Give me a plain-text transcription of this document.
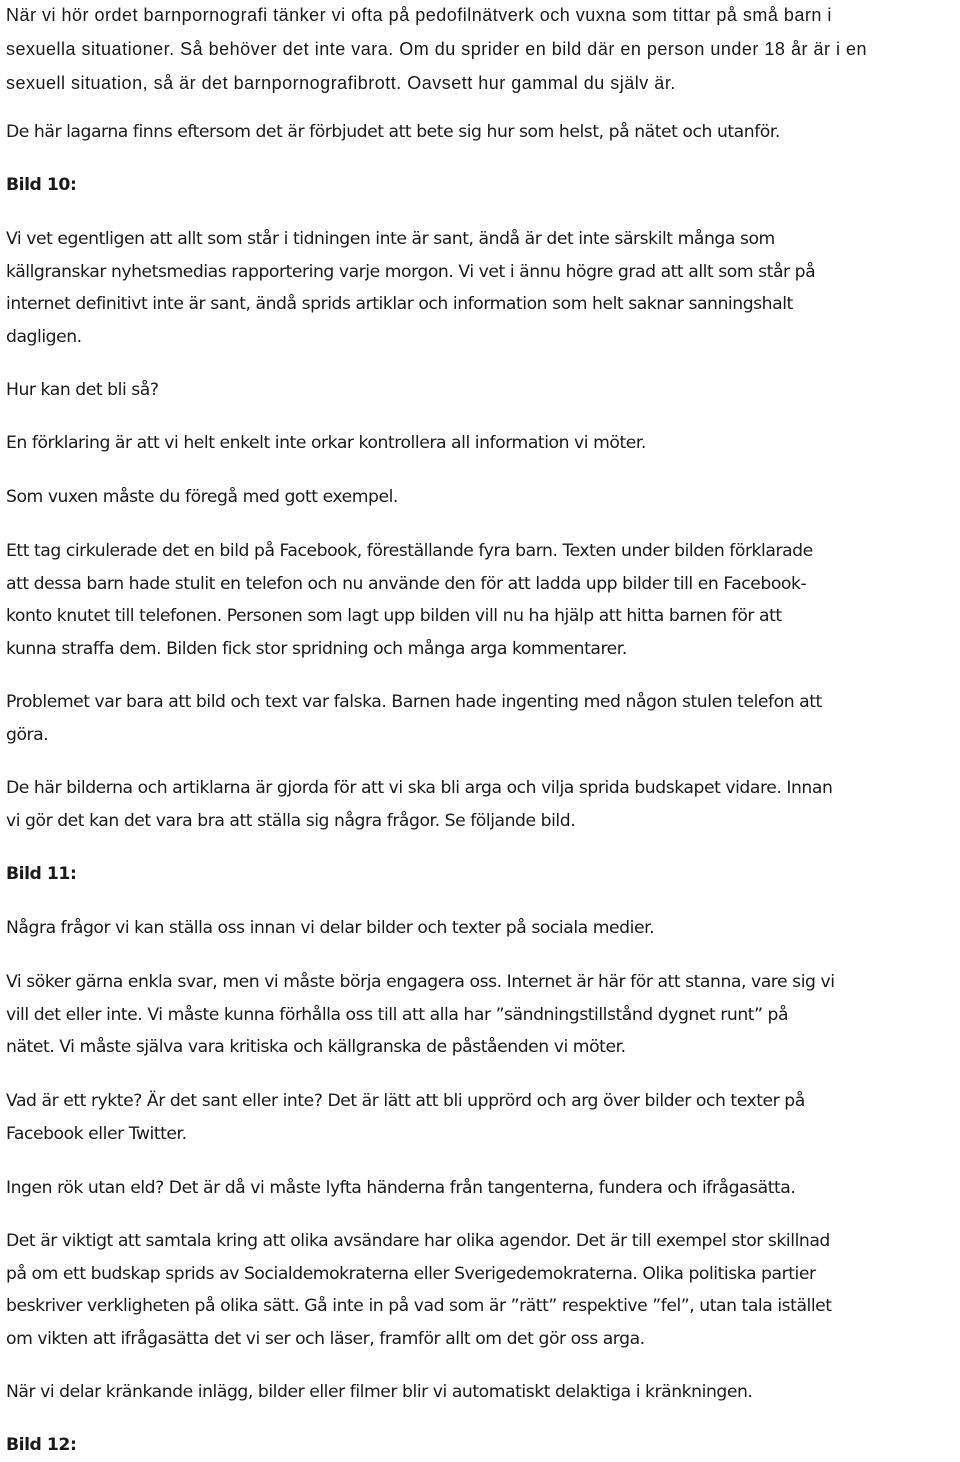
När vi hör ordet barnpornografi tänker vi ofta på pedofilnätverk och vuxna som tittar på små barn i
sexuella situationer. Så behöver det inte vara. Om du sprider en bild där en person under 18 år är i en
sexuell situation, så är det barnpornografibrott. Oavsett hur gammal du själv är.
De här lagarna finns eftersom det är förbjudet att bete sig hur som helst, på nätet och utanför.
Bild 10:
Vi vet egentligen att allt som står i tidningen inte är sant, ändå är det inte särskilt många som
källgranskar nyhetsmedias rapportering varje morgon. Vi vet i ännu högre grad att allt som står på
internet definitivt inte är sant, ändå sprids artiklar och information som helt saknar sanningshalt
dagligen.
Hur kan det bli så?
En förklaring är att vi helt enkelt inte orkar kontrollera all information vi möter.
Som vuxen måste du föregå med gott exempel.
Ett tag cirkulerade det en bild på Facebook, föreställande fyra barn. Texten under bilden förklarade
att dessa barn hade stulit en telefon och nu använde den för att ladda upp bilder till en Facebook-
konto knutet till telefonen. Personen som lagt upp bilden vill nu ha hjälp att hitta barnen för att
kunna straffa dem. Bilden fick stor spridning och många arga kommentarer.
Problemet var bara att bild och text var falska. Barnen hade ingenting med någon stulen telefon att
göra.
De här bilderna och artiklarna är gjorda för att vi ska bli arga och vilja sprida budskapet vidare. Innan
vi gör det kan det vara bra att ställa sig några frågor. Se följande bild.
Bild 11:
Några frågor vi kan ställa oss innan vi delar bilder och texter på sociala medier.
Vi söker gärna enkla svar, men vi måste börja engagera oss. Internet är här för att stanna, vare sig vi
vill det eller inte. Vi måste kunna förhålla oss till att alla har ”sändningstillstånd dygnet runt” på
nätet. Vi måste själva vara kritiska och källgranska de påståenden vi möter.
Vad är ett rykte? Är det sant eller inte? Det är lätt att bli upprörd och arg över bilder och texter på
Facebook eller Twitter.
Ingen rök utan eld? Det är då vi måste lyfta händerna från tangenterna, fundera och ifrågasätta.
Det är viktigt att samtala kring att olika avsändare har olika agendor. Det är till exempel stor skillnad
på om ett budskap sprids av Socialdemokraterna eller Sverigedemokraterna. Olika politiska partier
beskriver verkligheten på olika sätt. Gå inte in på vad som är ”rätt” respektive ”fel”, utan tala istället
om vikten att ifrågasätta det vi ser och läser, framför allt om det gör oss arga.
När vi delar kränkande inlägg, bilder eller filmer blir vi automatiskt delaktiga i kränkningen.
Bild 12:
